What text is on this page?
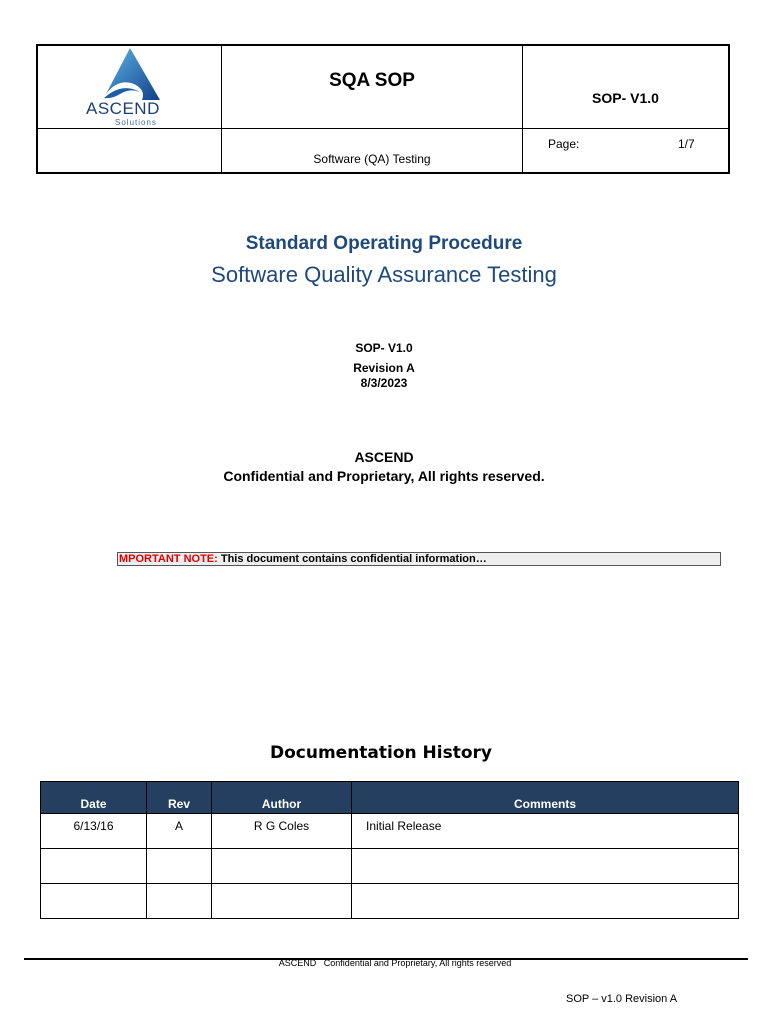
ASCEND
Solutions
SQA SOP
SOP- V1.0
Page:	1/7
Software (QA) Testing
Standard Operating Procedure
Software Quality Assurance Testing
SOP- V1.0
Revision A
8/3/2023
ASCEND
Confidential and Proprietary, All rights reserved.
MPORTANT NOTE: This document contains confidential information…
Documentation History
Date	Rev	Author	Comments
6/13/16	A	R G Coles	Initial Release

ASCEND Confidential and Proprietary, All rights reserved
SOP – v1.0 Revision A
